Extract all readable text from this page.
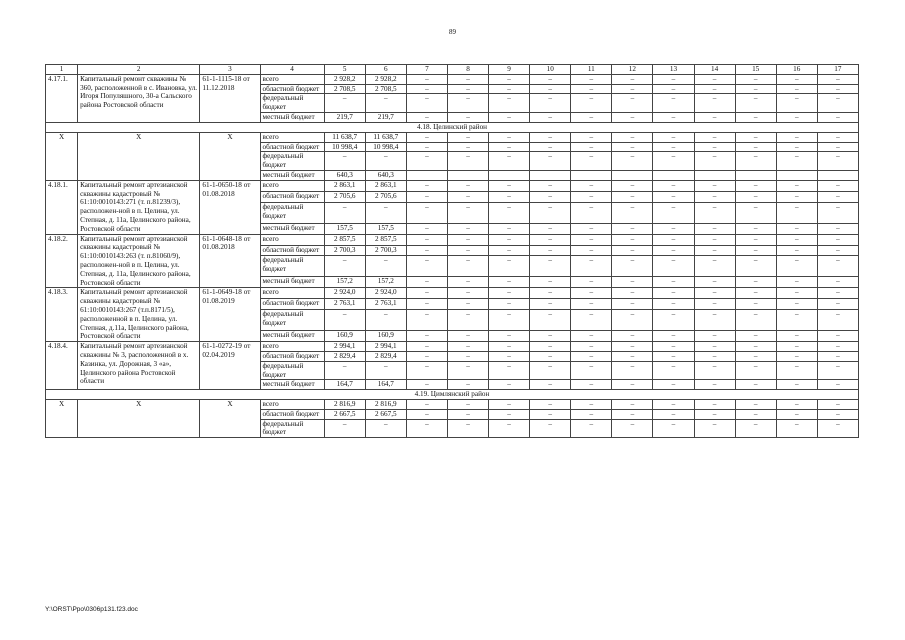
89
1	2	3	4	5	6	7	8	9	10	11	12	13	14	15	16	17
4.17.1.	Капитальный ремонт скважины № 360, расположенной в с. Ивановка, ул. Игоря Популяшного, 30-а Сальского района Ростовской области	61-1-1115-18 от 11.12.2018	всего	2 928,2	2 928,2	–	–	–	–	–	–	–	–	–	–	–
			областной бюджет	2 708,5	2 708,5	–	–	–	–	–	–	–	–	–	–	–
			федеральный бюджет	–	–	–	–	–	–	–	–	–	–	–	–	–
			местный бюджет	219,7	219,7	–	–	–	–	–	–	–	–	–	–	–
4.18. Целинский район																
Х	Х	Х	всего	11 638,7	11 638,7	–	–	–	–	–	–	–	–	–	–	–
			областной бюджет	10 998,4	10 998,4	–	–	–	–	–	–	–	–	–	–	–
			федеральный бюджет	–	–	–	–	–	–	–	–	–	–	–	–	–
			местный бюджет	640,3	640,3											
4.18.1.	Капитальный ремонт артезианской скважины кадастровый № 61:10:0010143:271 (т. п.81239/3), расположен-ной в п. Целина, ул. Степная, д. 11а, Целинского района, Ростовской области	61-1-0650-18 от 01.08.2018	всего	2 863,1	2 863,1	–	–	–	–	–	–	–	–	–	–	–
			областной бюджет	2 705,6	2 705,6	–	–	–	–	–	–	–	–	–	–	–
			федеральный бюджет	–	–	–	–	–	–	–	–	–	–	–	–	–
			местный бюджет	157,5	157,5	–	–	–	–	–	–	–	–	–	–	–
4.18.2.	Капитальный ремонт артезианской скважины кадастровый № 61:10:0010143:263 (т. п.81060/9), расположен-ной в п. Целина, ул. Степная, д. 11а, Целинского района, Ростовской области	61-1-0648-18 от 01.08.2018	всего	2 857,5	2 857,5	–	–	–	–	–	–	–	–	–	–	–
			областной бюджет	2 700,3	2 700,3	–	–	–	–	–	–	–	–	–	–	–
			федеральный бюджет	–	–	–	–	–	–	–	–	–	–	–	–	–
			местный бюджет	157,2	157,2	–	–	–	–	–	–	–	–	–	–	–
4.18.3.	Капитальный ремонт артезианской скважины кадастровый № 61:10:0010143:267 (т.п.8171/5), расположенной в п. Целина, ул. Степная, д.11а, Целинского района, Ростовской области	61-1-0649-18 от 01.08.2019	всего	2 924,0	2 924,0	–	–	–	–	–	–	–	–	–	–	–
			областной бюджет	2 763,1	2 763,1	–	–	–	–	–	–	–	–	–	–	–
			федеральный бюджет	–	–	–	–	–	–	–	–	–	–	–	–	–
			местный бюджет	160,9	160,9	–	–	–	–	–	–	–	–	–	–	–
4.18.4.	Капитальный ремонт артезианской скважины № 3, расположенной в х. Казинка, ул. Дорожная, 3 «а», Целинского района Ростовской области	61-1-0272-19 от 02.04.2019	всего	2 994,1	2 994,1	–	–	–	–	–	–	–	–	–	–	–
			областной бюджет	2 829,4	2 829,4	–	–	–	–	–	–	–	–	–	–	–
			федеральный бюджет	–	–	–	–	–	–	–	–	–	–	–	–	–
			местный бюджет	164,7	164,7	–	–	–	–	–	–	–	–	–	–	–
4.19. Цимлянский район																
Х	Х	Х	всего	2 816,9	2 816,9	–	–	–	–	–	–	–	–	–	–	–
			областной бюджет	2 667,5	2 667,5	–	–	–	–	–	–	–	–	–	–	–
			федеральный бюджет	–	–	–	–	–	–	–	–	–	–	–	–	–
Y:\ORST\Ppo\0306p131.f23.doc
